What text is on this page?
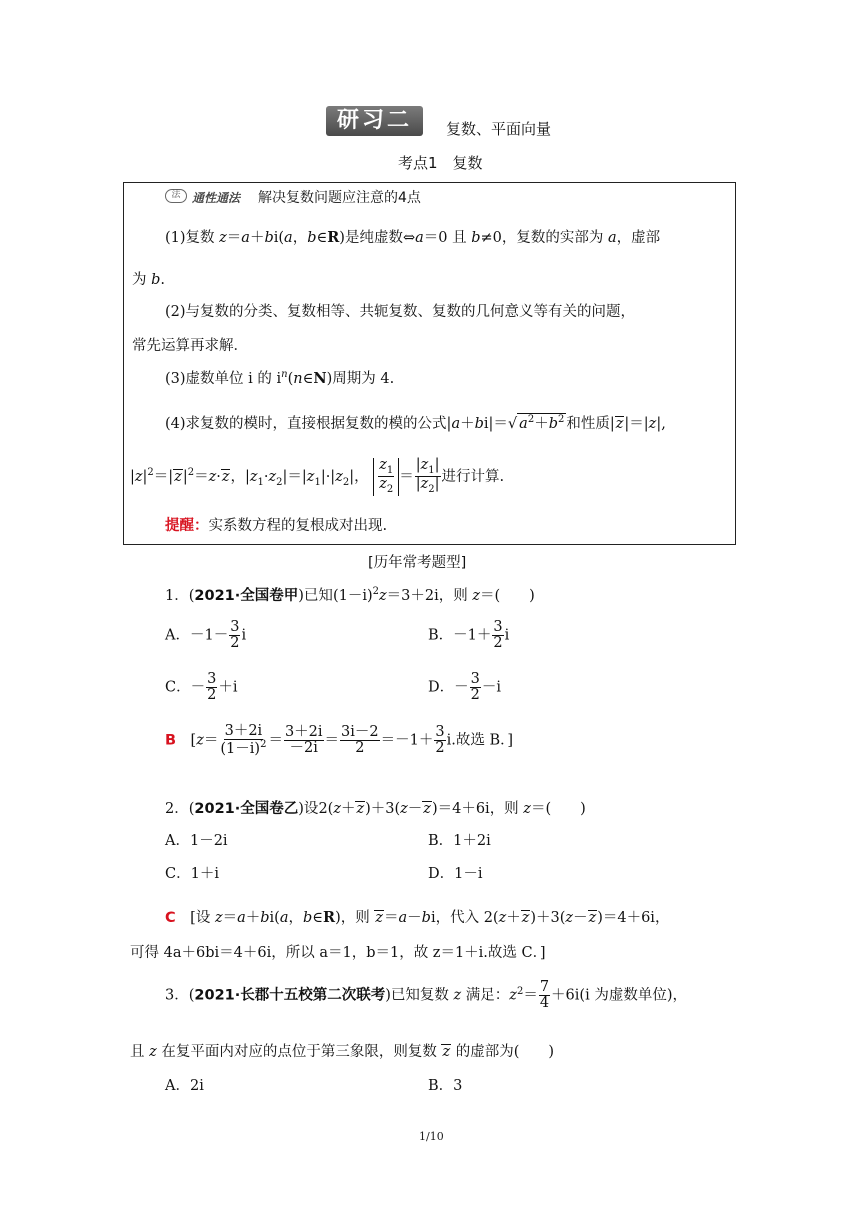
研习二	复数、平面向量
考点1　复数
法 通性通法 解决复数问题应注意的4点
(1)复数 z＝a＋bi(a，b∈R)是纯虚数⇔a＝0 且 b≠0，复数的实部为 a，虚部
为 b.
(2)与复数的分类、复数相等、共轭复数、复数的几何意义等有关的问题，
常先运算再求解．
(3)虚数单位 i 的 $i^n(n\in N)$周期为 4.
(4)求复数的模时，直接根据复数的模的公式|a＋bi|＝√ $a^2+b^2$ 和性质|z|＝|z|,
$|z|^2=|z|^2=z\cdot z$，$|z_1\cdot z_2|=|z_1|\cdot|z_2|$， $\frac{z_1}{z_2} = \frac{|z_1|}{|z_2|}$ 进行计算.
提醒：实系数方程的复根成对出现.
[历年常考题型]
1．(2021·全国卷甲)已知$(1-i)^2z=3+2i$，则 z＝(　　)
A．$-1- \frac{3}{2}$ i	B．$-1+ \frac{3}{2}$ i
C．－ $\frac{3}{2} +i$	D．－ $\frac{3}{2} -i$
B　[$z= \frac{3+2i}{(1-i)^2} = \frac{3+2i}{-2i} = \frac{3i-2}{2} =-1+ \frac{3}{2} i$.故选 B．]
2．(2021·全国卷乙)设2(z＋z)＋3(z－z)＝4＋6i，则 z＝(　　)
A．1－2i	B．1＋2i
C．1＋i	D．1－i
C　 [设 z＝a＋bi(a，b∈R)，则 z＝a－bi，代入 2(z＋z)＋3(z－z)＝4＋6i，
可得 4a＋6bi＝4＋6i，所以 a＝1，b＝1，故 z＝1＋i.故选 C．]
3．(2021·长郡十五校第二次联考)已知复数 z 满足：$z^2= \frac{7}{4} +6i(i$ 为虚数单位)，
且 z 在复平面内对应的点位于第三象限，则复数 z 的虚部为(　　)
A．2i	B．3
1/10
